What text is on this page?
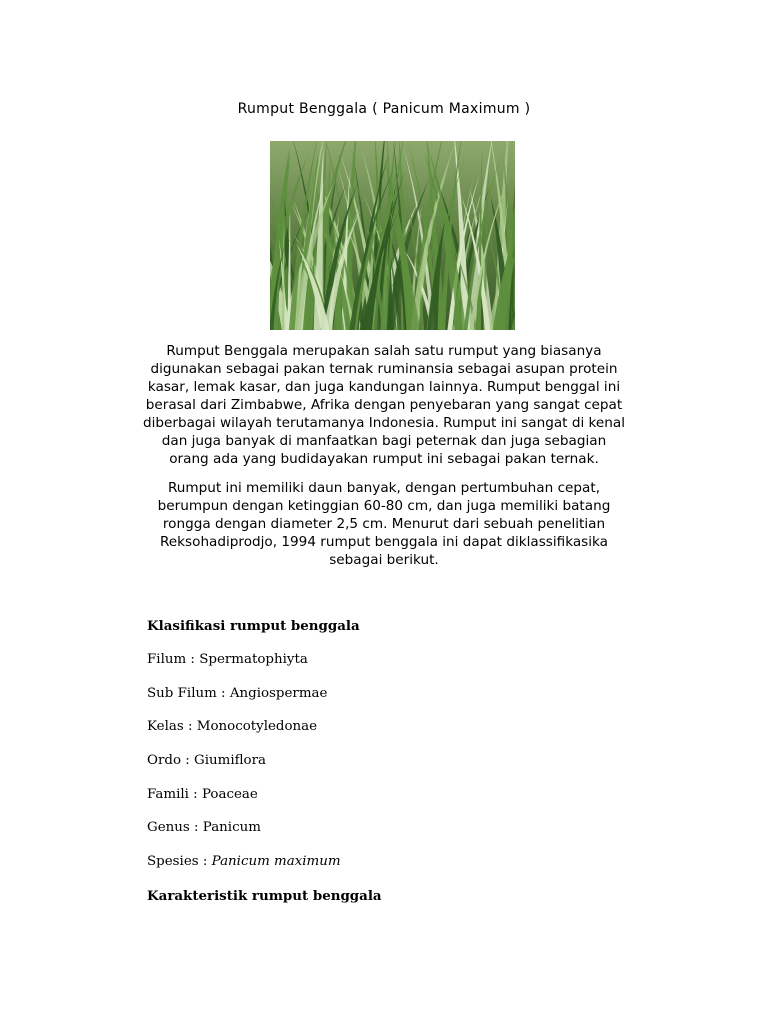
Rumput Benggala ( Panicum Maximum )

Rumput Benggala merupakan salah satu rumput yang biasanya digunakan sebagai pakan ternak ruminansia sebagai asupan protein kasar, lemak kasar, dan juga kandungan lainnya. Rumput benggal ini berasal dari Zimbabwe, Afrika dengan penyebaran yang sangat cepat diberbagai wilayah terutamanya Indonesia. Rumput ini sangat di kenal dan juga banyak di manfaatkan bagi peternak dan juga sebagian orang ada yang budidayakan rumput ini sebagai pakan ternak.

Rumput ini memiliki daun banyak, dengan pertumbuhan cepat, berumpun dengan ketinggian 60-80 cm, dan juga memiliki batang rongga dengan diameter 2,5 cm. Menurut dari sebuah penelitian Reksohadiprodjo, 1994 rumput benggala ini dapat diklassifikasika sebagai berikut.

Klasifikasi rumput benggala

Filum : Spermatophiyta

Sub Filum : Angiospermae

Kelas : Monocotyledonae

Ordo : Giumiflora

Famili : Poaceae

Genus : Panicum

Spesies : Panicum maximum

Karakteristik rumput benggala
